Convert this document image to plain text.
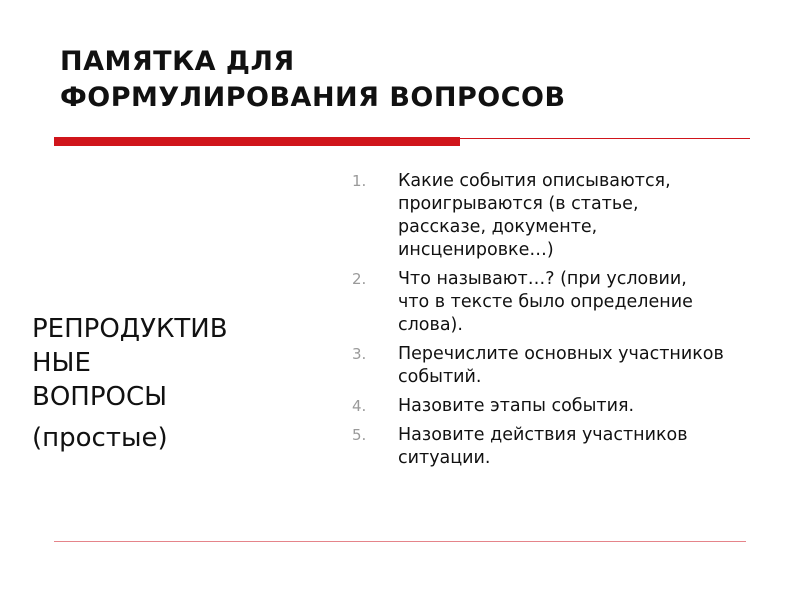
ПАМЯТКА ДЛЯ
ФОРМУЛИРОВАНИЯ ВОПРОСОВ
РЕПРОДУКТИВ
НЫЕ
ВОПРОСЫ
(простые)
1.	Какие события описываются,
проигрываются (в статье,
рассказе, документе,
инсценировке…)
2.	Что называют…? (при условии,
что в тексте было определение
слова).
3.	Перечислите основных участников
событий.
4.	Назовите этапы события.
5.	Назовите действия участников
ситуации.
